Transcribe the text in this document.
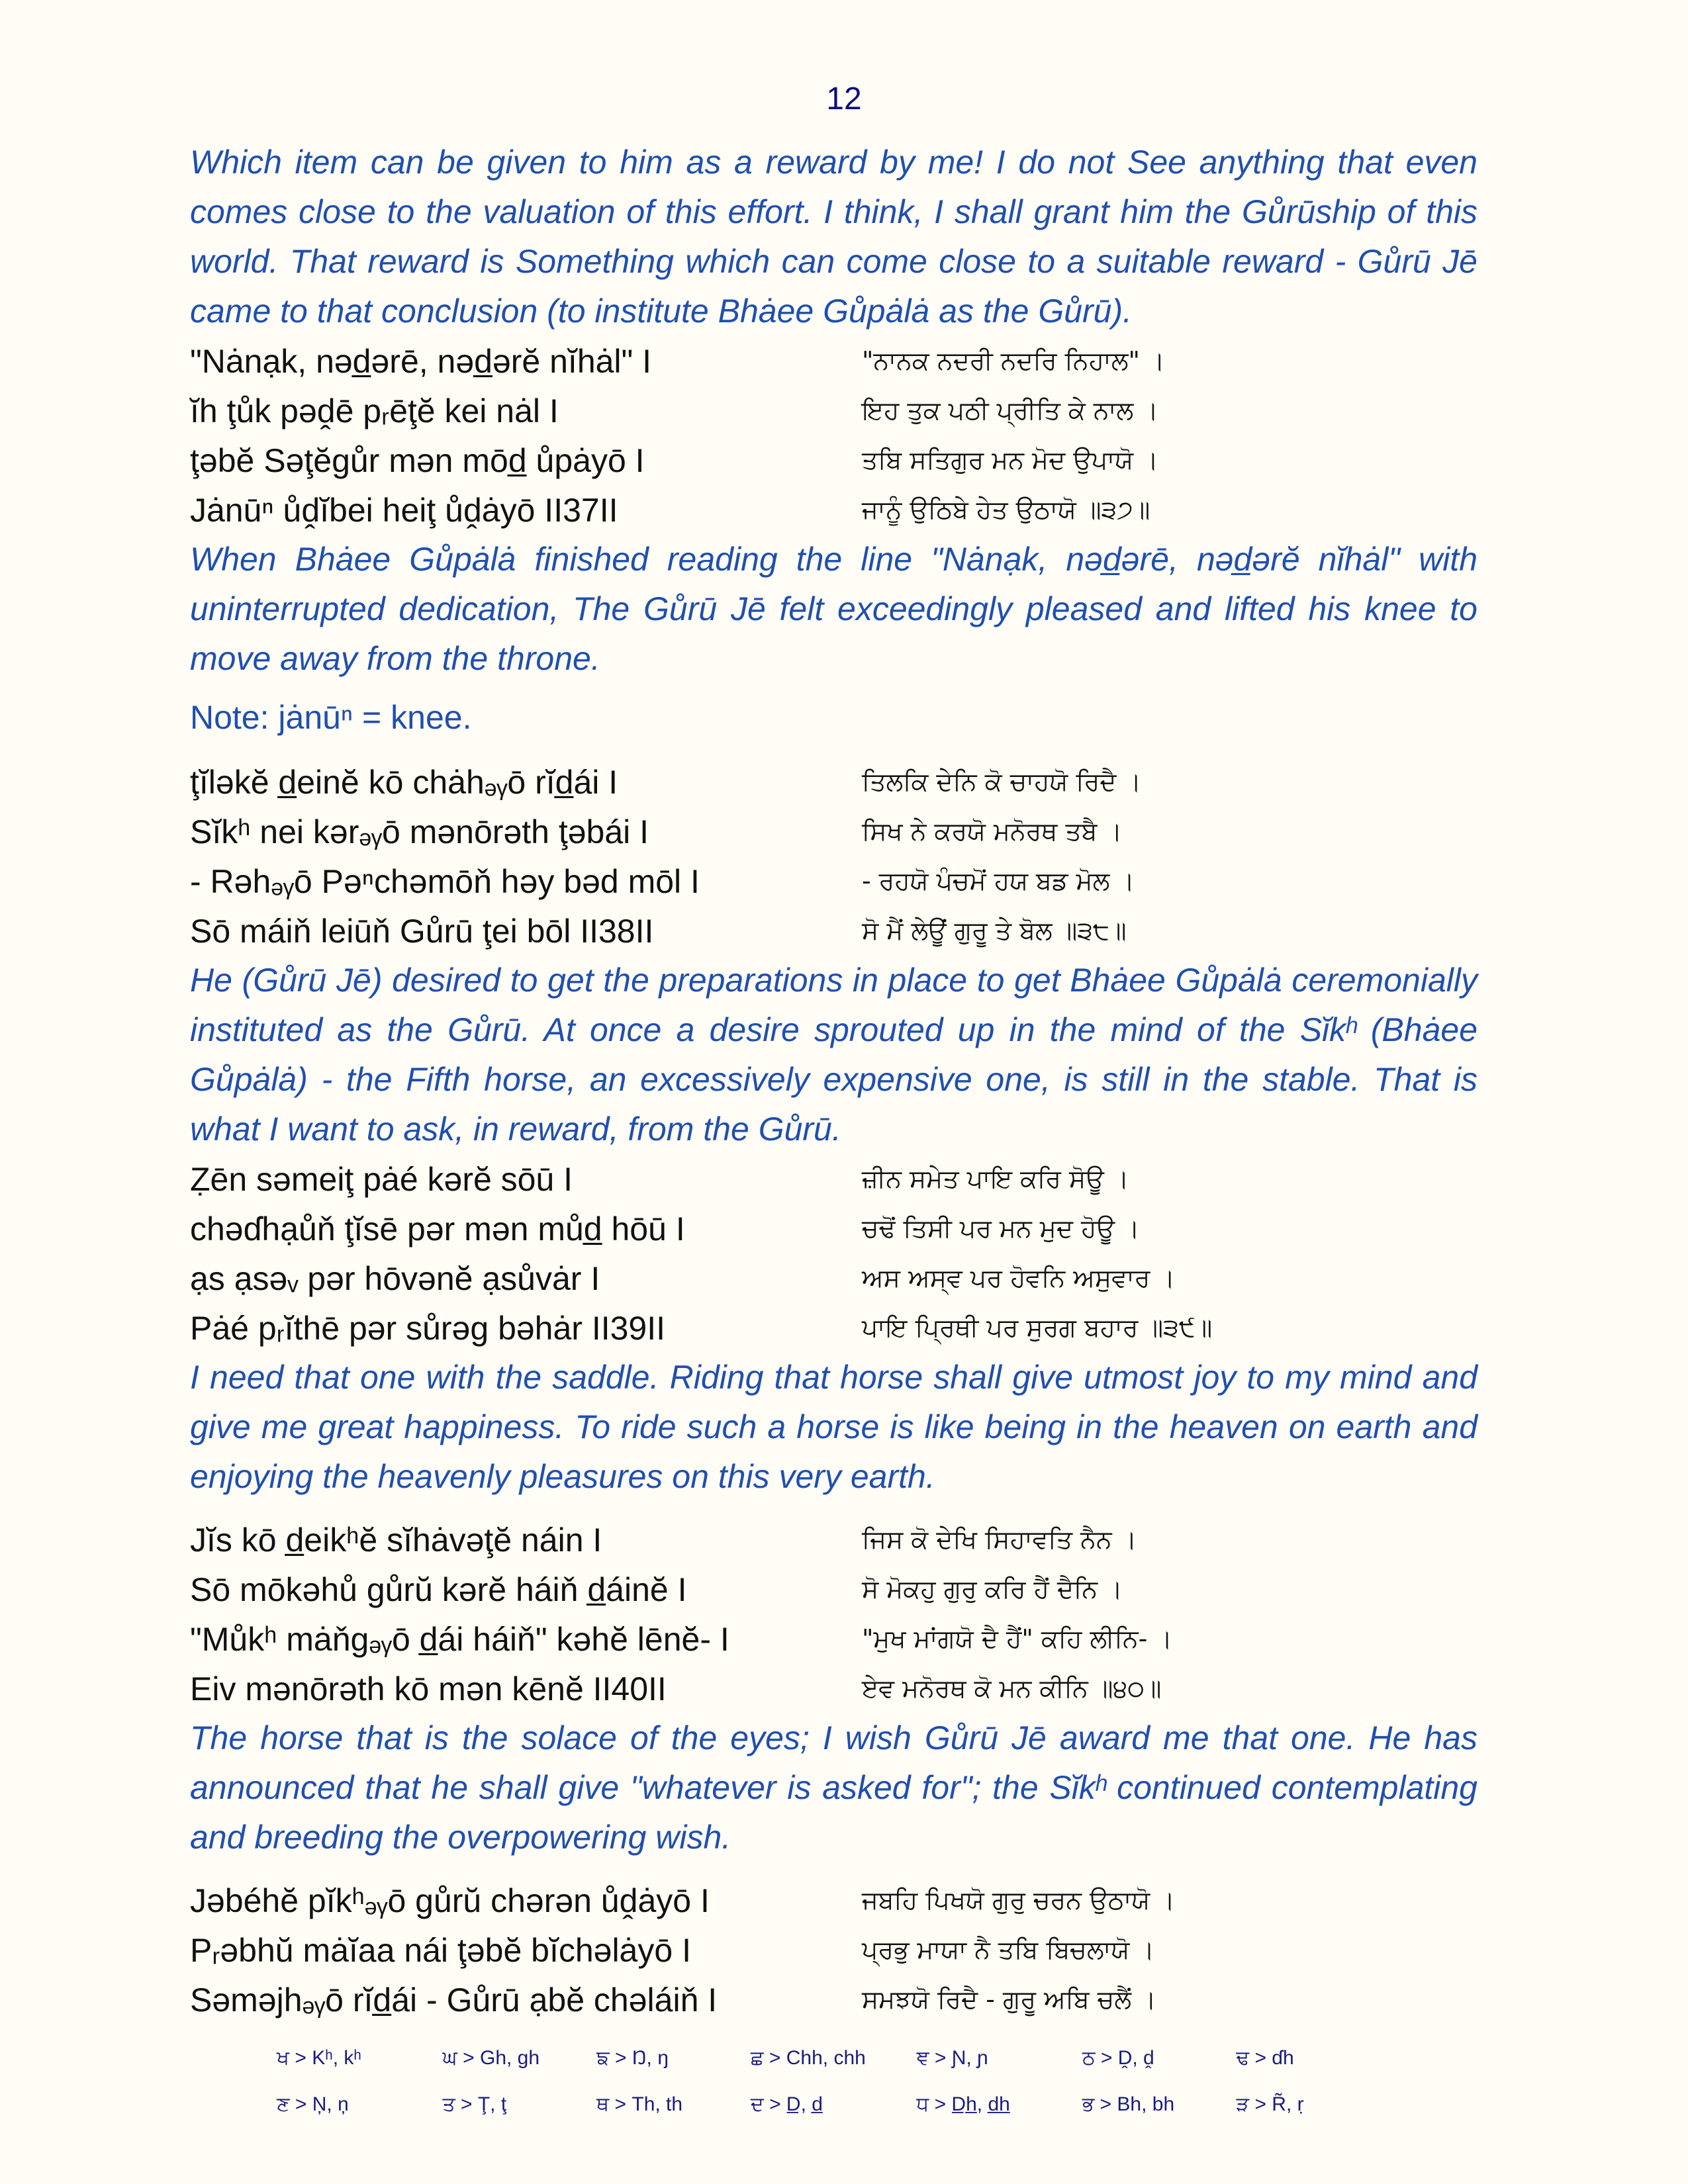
12

Which item can be given to him as a reward by me! I do not See anything that even comes close to the valuation of this effort. I think, I shall grant him the Gůrūship of this world. That reward is Something which can come close to a suitable reward - Gůrū Jē came to that conclusion (to institute Bhȧee Gůpȧlȧ as the Gůrū).

"Nȧnạk, nəd̲ərē, nəd̲ərĕ nĭhȧl" I	"ਨਾਨਕ ਨਦਰੀ ਨਦਰਿ ਨਿਹਾਲ" ।
ĭh ţůk pəḓē pᵣēţĕ kei nȧl I	ਇਹ ਤੁਕ ਪਠੀ ਪ੍ਰੀਤਿ ਕੇ ਨਾਲ ।
ţəbĕ Səţĕgůr mən mōd̲ ůpȧyō I	ਤਬਿ ਸਤਿਗੁਰ ਮਨ ਮੋਦ ਉਪਾਯੋ ।
Jȧnūⁿ ůḓĭbei heiţ ůḓȧyō II37II	ਜਾਨੂੰ ਉਠਿਬੇ ਹੇਤ ਉਠਾਯੋ ॥੩੭॥

When Bhȧee Gůpȧlȧ finished reading the line "Nȧnạk, nəd̲ərē, nəd̲ərĕ nĭhȧl" with uninterrupted dedication, The Gůrū Jē felt exceedingly pleased and lifted his knee to move away from the throne.

Note: jȧnūⁿ = knee.

ţĭləkĕ d̲einĕ kō chȧhₔᵧō rĭd̲ái I	ਤਿਲਕਿ ਦੇਨਿ ਕੋ ਚਾਹਯੋ ਰਿਦੈ ।
Sĭkʰ nei kərₔᵧō mənōrəth ţəbái I	ਸਿਖ ਨੇ ਕਰਯੋ ਮਨੋਰਥ ਤਬੈ ।
- Rəhₔᵧō Pəⁿchəmōň həy bəd mōl I	- ਰਹਯੋ ਪੰਚਮੋਂ ਹਯ ਬਡ ਮੋਲ ।
Sō máiň leiūň Gůrū ţei bōl II38II	ਸੋ ਮੈਂ ਲੇਊਂ ਗੁਰੂ ਤੇ ਬੋਲ ॥੩੮॥

He (Gůrū Jē) desired to get the preparations in place to get Bhȧee Gůpȧlȧ ceremonially instituted as the Gůrū. At once a desire sprouted up in the mind of the Sĭkʰ (Bhȧee Gůpȧlȧ) - the Fifth horse, an excessively expensive one, is still in the stable. That is what I want to ask, in reward, from the Gůrū.

Ẓēn səmeiţ pȧé kərĕ sōū I	ਜ਼ੀਨ ਸਮੇਤ ਪਾਇ ਕਰਿ ਸੋਊ ।
chəɗhạůň ţĭsē pər mən můd̲ hōū I	ਚਢੋਂ ਤਿਸੀ ਪਰ ਮਨ ਮੁਦ ਹੋਊ ।
ạs ạsəᵥ pər hōvənĕ ạsůvȧr I	ਅਸ ਅਸ੍ਵ ਪਰ ਹੋਵਨਿ ਅਸੁਵਾਰ ।
Pȧé pᵣĭthē pər sůrəg bəhȧr II39II	ਪਾਇ ਪ੍ਰਿਥੀ ਪਰ ਸੁਰਗ ਬਹਾਰ ॥੩੯॥

I need that one with the saddle. Riding that horse shall give utmost joy to my mind and give me great happiness. To ride such a horse is like being in the heaven on earth and enjoying the heavenly pleasures on this very earth.

Jĭs kō d̲eikʰĕ sĭhȧvəţĕ náin I	ਜਿਸ ਕੋ ਦੇਖਿ ਸਿਹਾਵਤਿ ਨੈਨ ।
Sō mōkəhů gůrŭ kərĕ háiň d̲áinĕ I	ਸੋ ਮੋਕਹੁ ਗੁਰੁ ਕਰਿ ਹੈਂ ਦੈਨਿ ।
"Můkʰ mȧňgₔᵧō d̲ái háiň" kəhĕ lēnĕ- I	"ਮੁਖ ਮਾਂਗਯੋ ਦੈ ਹੈਂ" ਕਹਿ ਲੀਨਿ- ।
Eiv mənōrəth kō mən kēnĕ II40II	ਏਵ ਮਨੋਰਥ ਕੋ ਮਨ ਕੀਨਿ ॥੪੦॥

The horse that is the solace of the eyes; I wish Gůrū Jē award me that one. He has announced that he shall give "whatever is asked for"; the Sĭkʰ continued contemplating and breeding the overpowering wish.

Jəbéhĕ pĭkʰₔᵧō gůrŭ chərən ůḓȧyō I	ਜਬਹਿ ਪਿਖਯੋ ਗੁਰੁ ਚਰਨ ਉਠਾਯੋ ।
Pᵣəbhŭ mȧĭaa nái ţəbĕ bĭchəlȧyō I	ਪ੍ਰਭੁ ਮਾਯਾ ਨੈ ਤਬਿ ਬਿਚਲਾਯੋ ।
Səməjhₔᵧō rĭd̲ái - Gůrū ạbĕ chəláiň I	ਸਮਝਯੋ ਰਿਦੈ - ਗੁਰੂ ਅਬਿ ਚਲੈਂ ।
ਖ > Kʰ, kʰ	ਘ > Gh, gh	ਙ > Ŋ, ŋ	ਛ > Chh, chh	ਞ > Ɲ, ɲ	ਠ > Ḓ, ḓ	ਢ > ɗh
ਣ > Ņ, ņ	ਤ > Ţ, ţ	ਥ > Th, th	ਦ > D̲, d̲	ਧ > D̲h̲, d̲h̲	ਭ > Bh, bh	ੜ > R̃, ṛ
